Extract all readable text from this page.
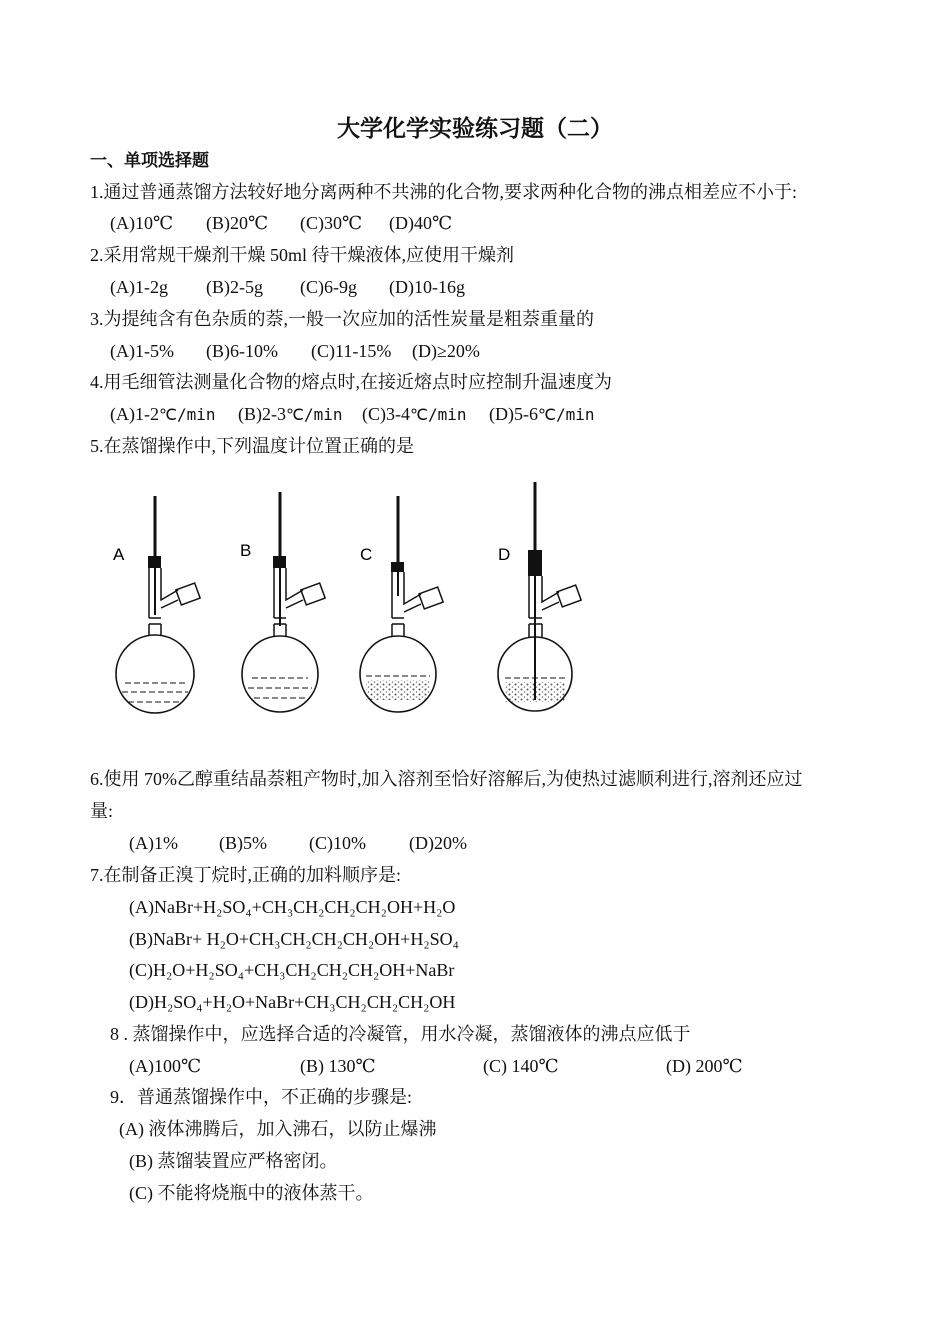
大学化学实验练习题（二）
一、单项选择题
1.通过普通蒸馏方法较好地分离两种不共沸的化合物,要求两种化合物的沸点相差应不小于:
(A)10℃ (B)20℃ (C)30℃ (D)40℃
2.采用常规干燥剂干燥 50ml 待干燥液体,应使用干燥剂
(A)1-2g (B)2-5g (C)6-9g (D)10-16g
3.为提纯含有色杂质的萘,一般一次应加的活性炭量是粗萘重量的
(A)1-5% (B)6-10% (C)11-15% (D)≥20%
4.用毛细管法测量化合物的熔点时,在接近熔点时应控制升温速度为
(A)1-2℃/min (B)2-3℃/min (C)3-4℃/min (D)5-6℃/min
5.在蒸馏操作中,下列温度计位置正确的是
A	B	C	D
6.使用 70%乙醇重结晶萘粗产物时,加入溶剂至恰好溶解后,为使热过滤顺利进行,溶剂还应过
量:
(A)1% (B)5% (C)10% (D)20%
7.在制备正溴丁烷时,正确的加料顺序是:
(A)NaBr+H₂SO₄+CH₃CH₂CH₂CH₂OH+H₂O
(B)NaBr+ H₂O+CH₃CH₂CH₂CH₂OH+H₂SO₄
(C)H₂O+H₂SO₄+CH₃CH₂CH₂CH₂OH+NaBr
(D)H₂SO₄+H₂O+NaBr+CH₃CH₂CH₂CH₂OH
8 . 蒸馏操作中，应选择合适的冷凝管，用水冷凝，蒸馏液体的沸点应低于
(A)100℃	(B) 130℃	(C) 140℃	(D) 200℃
9．普通蒸馏操作中，不正确的步骤是:
(A) 液体沸腾后，加入沸石，以防止爆沸
(B) 蒸馏装置应严格密闭。
(C) 不能将烧瓶中的液体蒸干。
